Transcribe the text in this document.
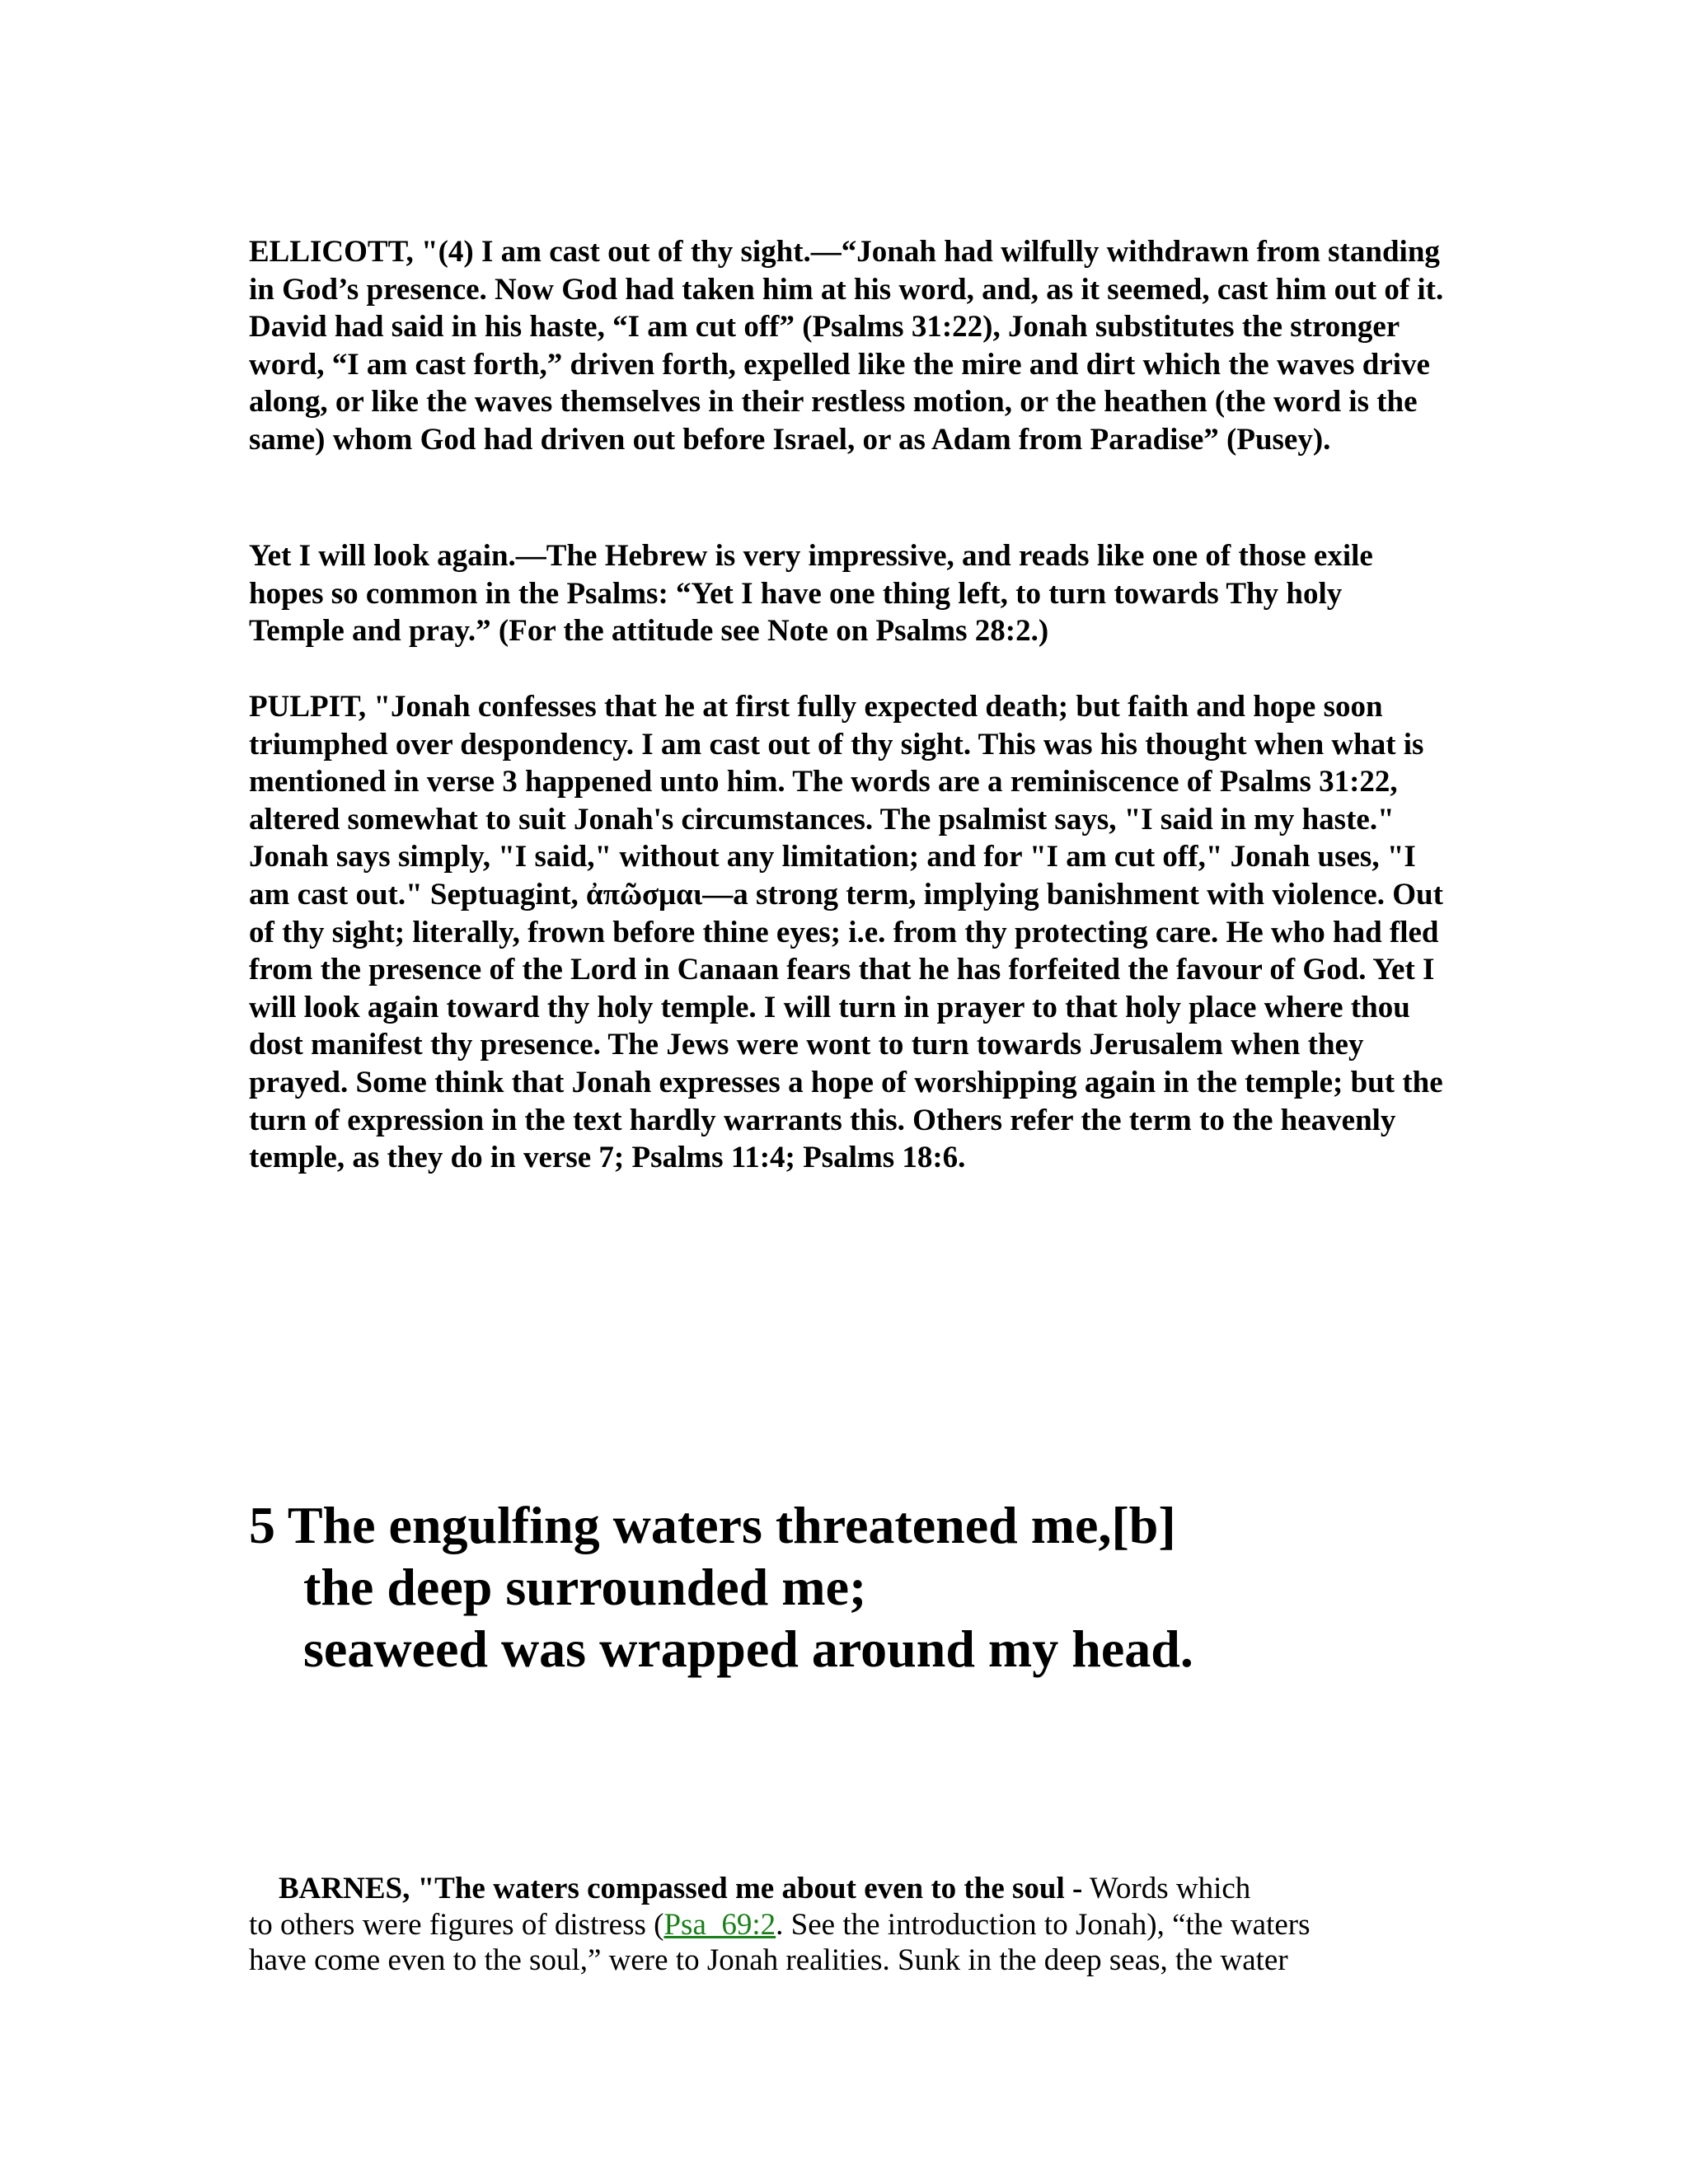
ELLICOTT, "(4) I am cast out of thy sight.—“Jonah had wilfully withdrawn from standing in God’s presence. Now God had taken him at his word, and, as it seemed, cast him out of it. David had said in his haste, “I am cut off” (Psalms 31:22), Jonah substitutes the stronger word, “I am cast forth,” driven forth, expelled like the mire and dirt which the waves drive along, or like the waves themselves in their restless motion, or the heathen (the word is the same) whom God had driven out before Israel, or as Adam from Paradise” (Pusey).

Yet I will look again.—The Hebrew is very impressive, and reads like one of those exile hopes so common in the Psalms: “Yet I have one thing left, to turn towards Thy holy Temple and pray.” (For the attitude see Note on Psalms 28:2.)

PULPIT, "Jonah confesses that he at first fully expected death; but faith and hope soon triumphed over despondency. I am cast out of thy sight. This was his thought when what is mentioned in verse 3 happened unto him. The words are a reminiscence of Psalms 31:22, altered somewhat to suit Jonah's circumstances. The psalmist says, "I said in my haste." Jonah says simply, "I said," without any limitation; and for "I am cut off," Jonah uses, "I am cast out." Septuagint, ἀπῶσμαι—a strong term, implying banishment with violence. Out of thy sight; literally, frown before thine eyes; i.e. from thy protecting care. He who had fled from the presence of the Lord in Canaan fears that he has forfeited the favour of God. Yet I will look again toward thy holy temple. I will turn in prayer to that holy place where thou dost manifest thy presence. The Jews were wont to turn towards Jerusalem when they prayed. Some think that Jonah expresses a hope of worshipping again in the temple; but the turn of expression in the text hardly warrants this. Others refer the term to the heavenly temple, as they do in verse 7; Psalms 11:4; Psalms 18:6.

5 The engulfing waters threatened me,[b]
the deep surrounded me;
seaweed was wrapped around my head.
BARNES, "The waters compassed me about even to the soul - Words which
to others were figures of distress (Psa_69:2. See the introduction to Jonah), “the waters
have come even to the soul,” were to Jonah realities. Sunk in the deep seas, the water
